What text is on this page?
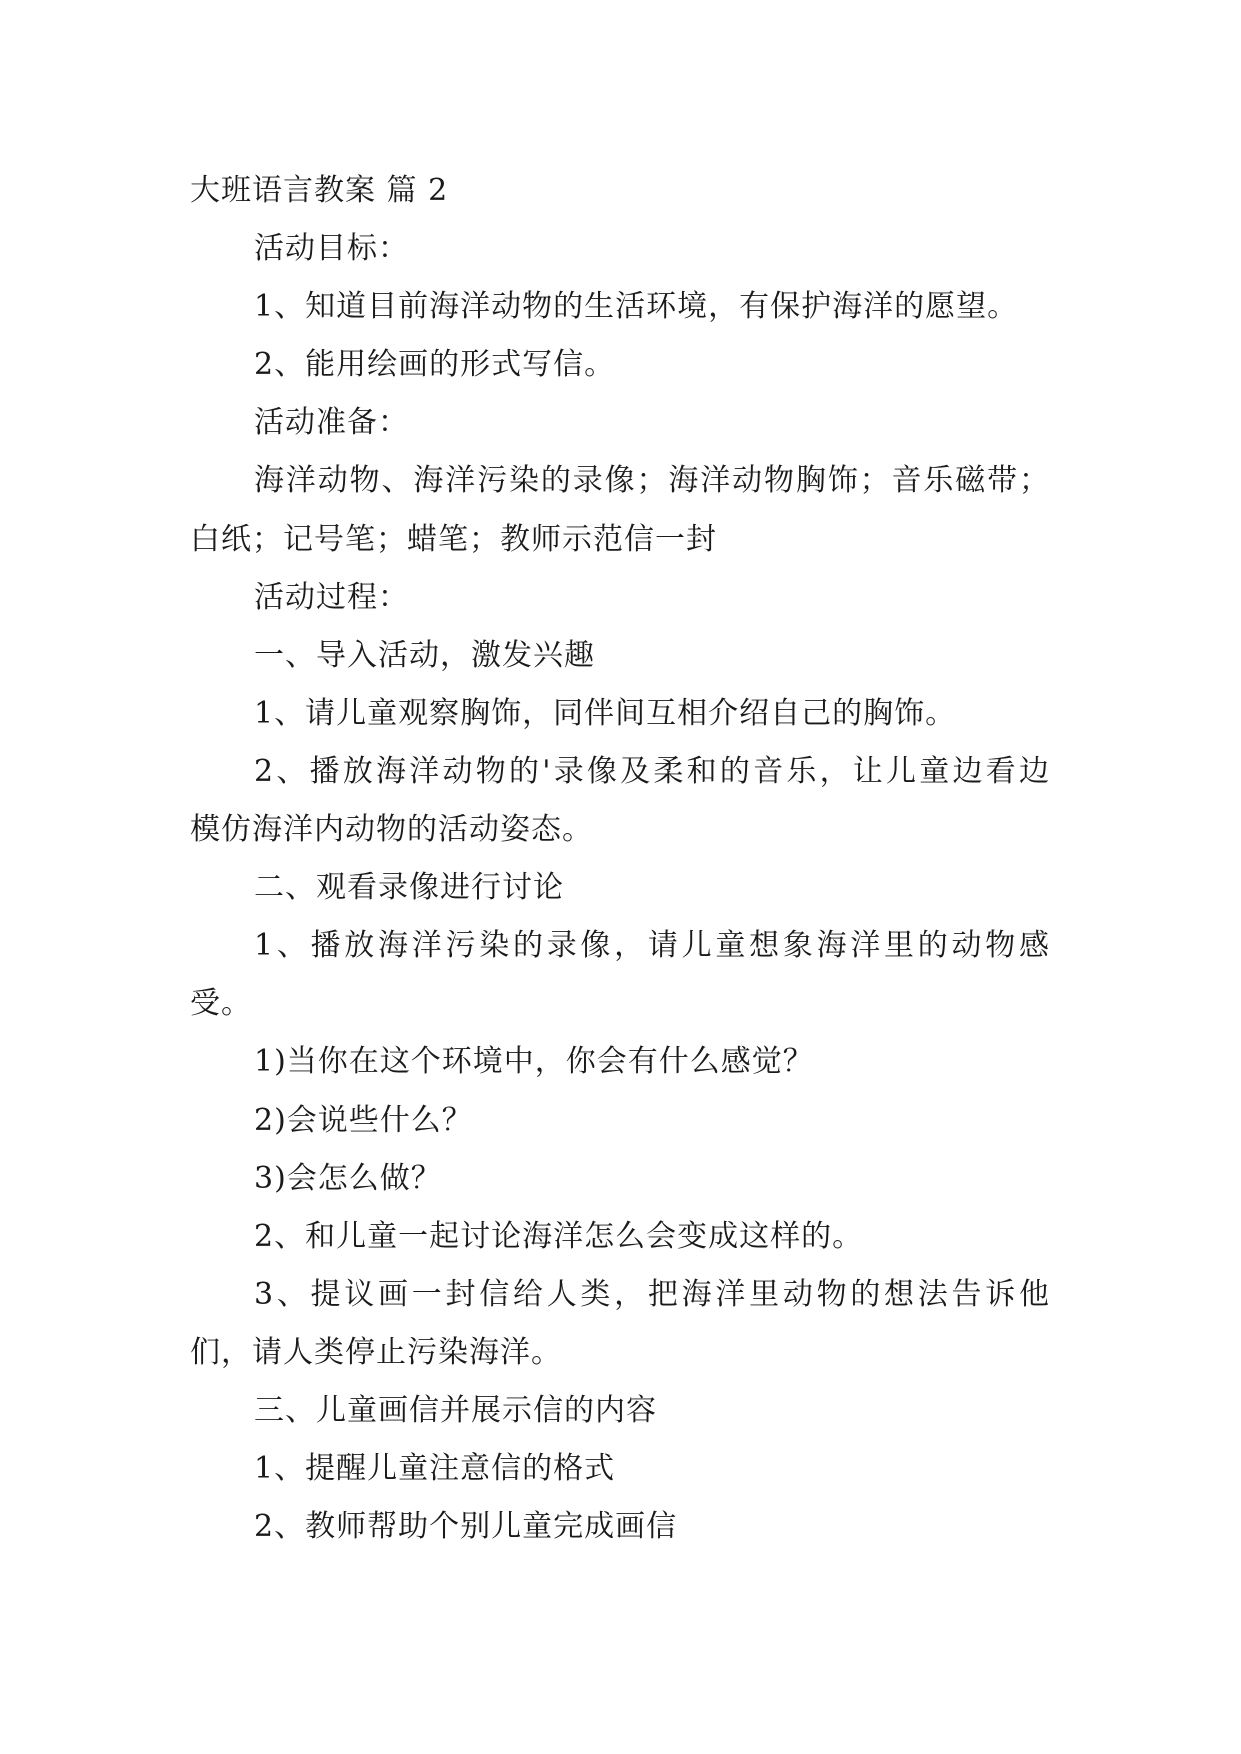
大班语言教案 篇 2
活动目标：
1、知道目前海洋动物的生活环境，有保护海洋的愿望。
2、能用绘画的形式写信。
活动准备：
海洋动物、海洋污染的录像；海洋动物胸饰；音乐磁带；
白纸；记号笔；蜡笔；教师示范信一封
活动过程：
一、导入活动，激发兴趣
1、请儿童观察胸饰，同伴间互相介绍自己的胸饰。
2、播放海洋动物的'录像及柔和的音乐，让儿童边看边
模仿海洋内动物的活动姿态。
二、观看录像进行讨论
1、播放海洋污染的录像，请儿童想象海洋里的动物感
受。
1)当你在这个环境中，你会有什么感觉？
2)会说些什么？
3)会怎么做？
2、和儿童一起讨论海洋怎么会变成这样的。
3、提议画一封信给人类，把海洋里动物的想法告诉他
们，请人类停止污染海洋。
三、儿童画信并展示信的内容
1、提醒儿童注意信的格式
2、教师帮助个别儿童完成画信
